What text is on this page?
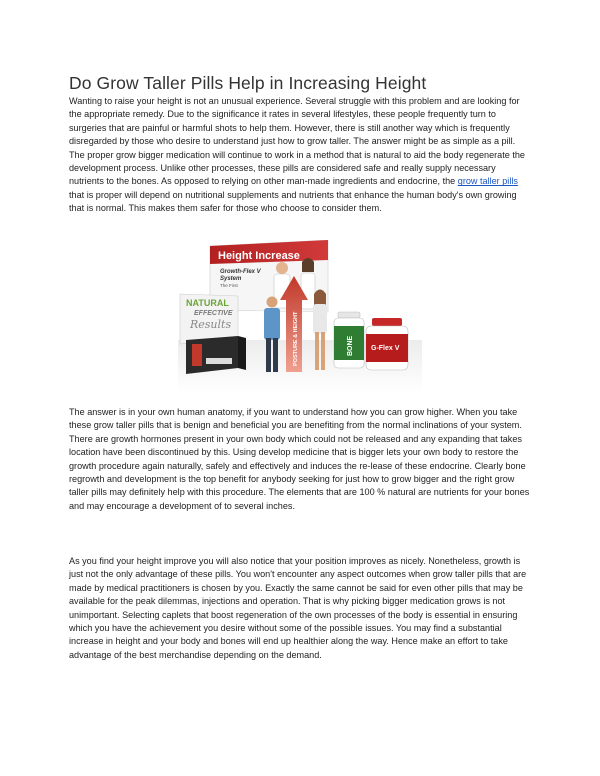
Do Grow Taller Pills Help in Increasing Height

Wanting to raise your height is not an unusual experience. Several struggle with this problem and are looking for the appropriate remedy. Due to the significance it rates in several lifestyles, these people frequently turn to surgeries that are painful or harmful shots to help them. However, there is still another way which is frequently disregarded by those who desire to understand just how to grow taller. The answer might be as simple as a pill. The proper grow bigger medication will continue to work in a method that is natural to aid the body regenerate the development process. Unlike other processes, these pills are considered safe and really supply necessary nutrients to the bones. As opposed to relying on other man-made ingredients and endocrine, the grow taller pills that is proper will depend on nutritional supplements and nutrients that enhance the human body's own growing that is normal. This makes them safer for those who choose to consider them.

Height Increase
Growth-Flex V
System
The First
NATURAL
EFFECTIVE
Results	POSTURE & HEIGHT	BONE G-Flex V

The answer is in your own human anatomy, if you want to understand how you can grow higher. When you take these grow taller pills that is benign and beneficial you are benefiting from the normal inclinations of your system. There are growth hormones present in your own body which could not be released and any expanding that takes location have been discontinued by this. Using develop medicine that is bigger lets your own body to restore the growth procedure again naturally, safely and effectively and induces the re-lease of these endocrine. Clearly bone regrowth and development is the top benefit for anybody seeking for just how to grow bigger and the right grow taller pills may definitely help with this procedure. The elements that are 100 % natural are nutrients for your bones and may encourage a development of to several inches.

As you find your height improve you will also notice that your position improves as nicely. Nonetheless, growth is just not the only advantage of these pills. You won't encounter any aspect outcomes when grow taller pills that are made by medical practitioners is chosen by you. Exactly the same cannot be said for even other pills that may be available for the peak dilemmas, injections and operation. That is why picking bigger medication grows is not unimportant. Selecting caplets that boost regeneration of the own processes of the body is essential in ensuring which you have the achievement you desire without some of the possible issues. You may find a substantial increase in height and your body and bones will end up healthier along the way. Hence make an effort to take advantage of the best merchandise depending on the demand.
